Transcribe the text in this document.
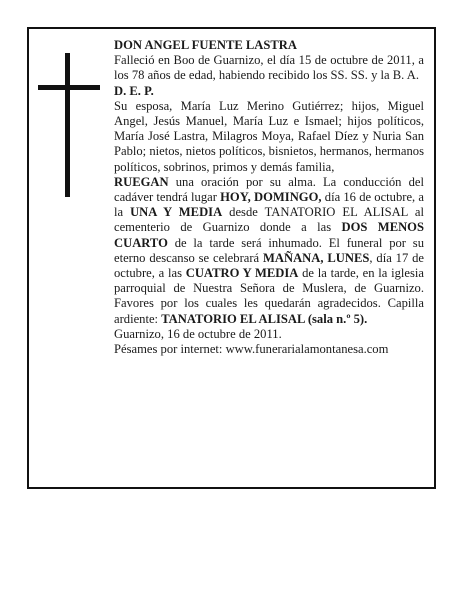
DON ANGEL FUENTE LASTRA

Falleció en Boo de Guarnizo, el día 15 de octubre de 2011, a los 78 años de edad, habiendo recibido los SS. SS. y la B. A.

D. E. P.

Su esposa, María Luz Merino Gutiérrez; hijos, Miguel Angel, Jesús Manuel, María Luz e Ismael; hijos políticos, María José Lastra, Milagros Moya, Rafael Díez y Nuria San Pablo; nietos, nietos políticos, bisnietos, hermanos, hermanos políticos, sobrinos, primos y demás familia,

RUEGAN una oración por su alma. La conducción del cadáver tendrá lugar HOY, DOMINGO, día 16 de octubre, a la UNA Y MEDIA desde TANATORIO EL ALISAL al cementerio de Guarnizo donde a las DOS MENOS CUARTO de la tarde será inhumado. El funeral por su eterno descanso se celebrará MAÑANA, LUNES, día 17 de octubre, a las CUATRO Y MEDIA de la tarde, en la iglesia parroquial de Nuestra Señora de Muslera, de Guarnizo. Favores por los cuales les quedarán agradecidos. Capilla ardiente: TANATORIO EL ALISAL (sala n.º 5).

Guarnizo, 16 de octubre de 2011.

Pésames por internet: www.funerarialamontanesa.com
